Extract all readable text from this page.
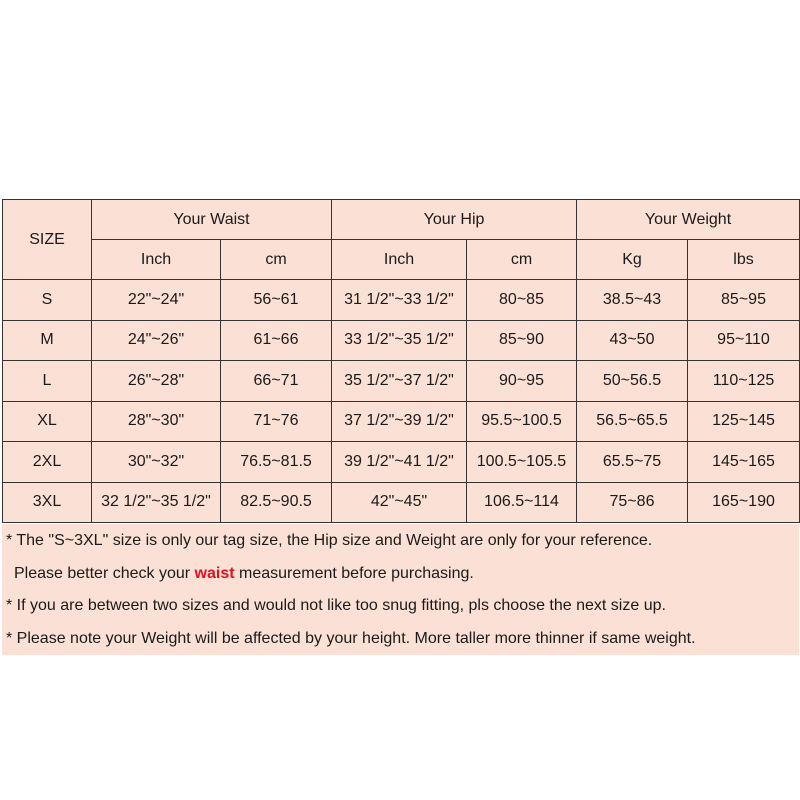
SIZE	Your Waist		Your Hip		Your Weight	
	Inch	cm	Inch	cm	Kg	lbs
S	22"~24"	56~61	31 1/2"~33 1/2"	80~85	38.5~43	85~95
M	24"~26"	61~66	33 1/2"~35 1/2"	85~90	43~50	95~110
L	26"~28"	66~71	35 1/2"~37 1/2"	90~95	50~56.5	110~125
XL	28"~30"	71~76	37 1/2"~39 1/2"	95.5~100.5	56.5~65.5	125~145
2XL	30"~32"	76.5~81.5	39 1/2"~41 1/2"	100.5~105.5	65.5~75	145~165
3XL	32 1/2"~35 1/2"	82.5~90.5	42"~45"	106.5~114	75~86	165~190
* The "S~3XL" size is only our tag size, the Hip size and Weight are only for your reference.
Please better check your waist measurement before purchasing.
* If you are between two sizes and would not like too snug fitting, pls choose the next size up.
* Please note your Weight will be affected by your height. More taller more thinner if same weight.
